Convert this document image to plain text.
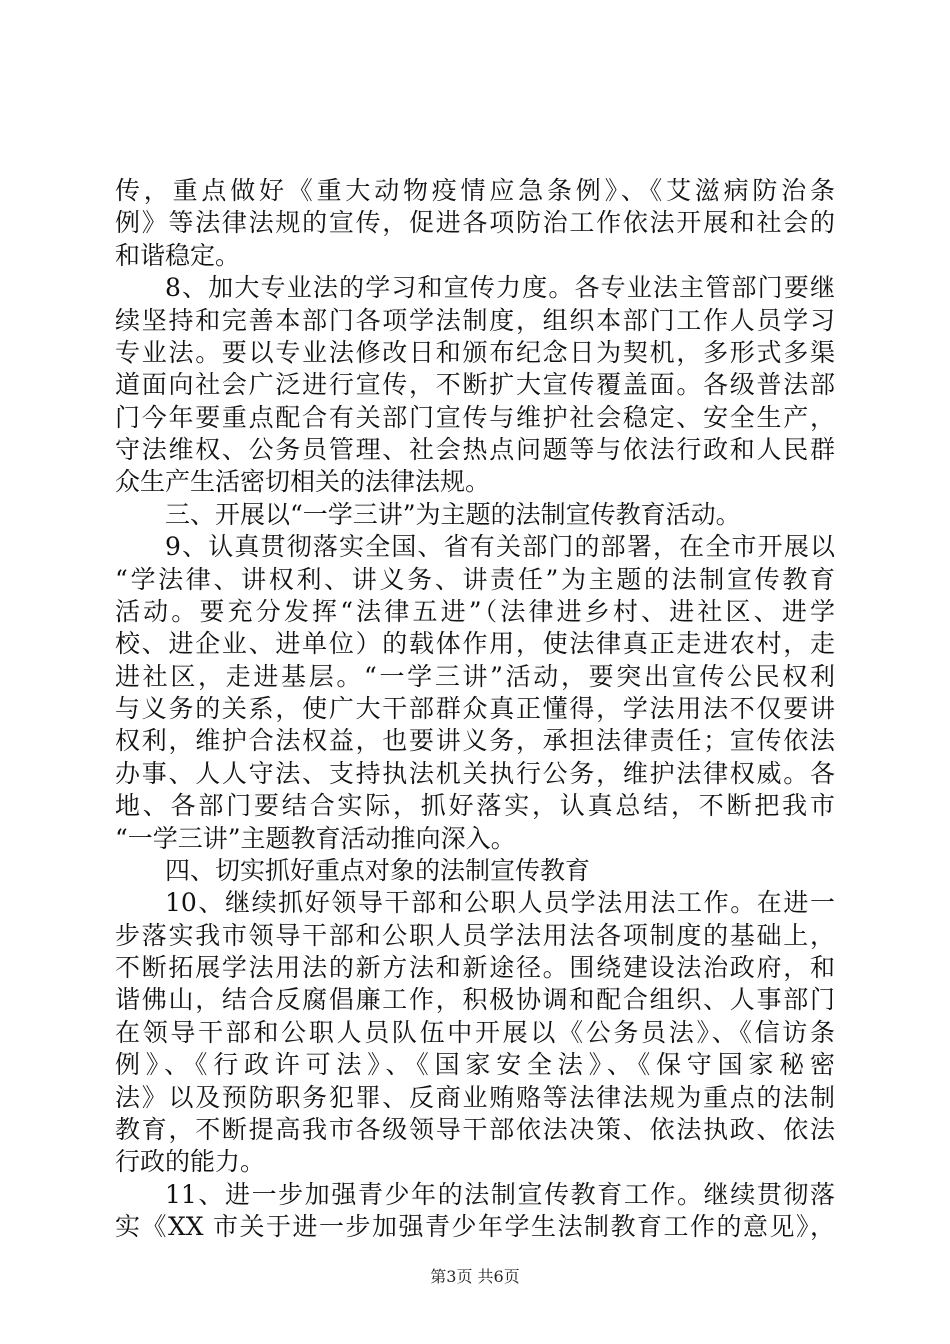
传，重点做好《重大动物疫情应急条例》、《艾滋病防治条
例》等法律法规的宣传，促进各项防治工作依法开展和社会的
和谐稳定。
8、加大专业法的学习和宣传力度。各专业法主管部门要继
续坚持和完善本部门各项学法制度，组织本部门工作人员学习
专业法。要以专业法修改日和颁布纪念日为契机，多形式多渠
道面向社会广泛进行宣传，不断扩大宣传覆盖面。各级普法部
门今年要重点配合有关部门宣传与维护社会稳定、安全生产，
守法维权、公务员管理、社会热点问题等与依法行政和人民群
众生产生活密切相关的法律法规。
三、开展以“一学三讲”为主题的法制宣传教育活动。
9、认真贯彻落实全国、省有关部门的部署，在全市开展以
“学法律、讲权利、讲义务、讲责任”为主题的法制宣传教育
活动。要充分发挥“法律五进”（法律进乡村、进社区、进学
校、进企业、进单位）的载体作用，使法律真正走进农村，走
进社区，走进基层。“一学三讲”活动，要突出宣传公民权利
与义务的关系，使广大干部群众真正懂得，学法用法不仅要讲
权利，维护合法权益，也要讲义务，承担法律责任；宣传依法
办事、人人守法、支持执法机关执行公务，维护法律权威。各
地、各部门要结合实际，抓好落实，认真总结，不断把我市
“一学三讲”主题教育活动推向深入。
四、切实抓好重点对象的法制宣传教育
10、继续抓好领导干部和公职人员学法用法工作。在进一
步落实我市领导干部和公职人员学法用法各项制度的基础上，
不断拓展学法用法的新方法和新途径。围绕建设法治政府，和
谐佛山，结合反腐倡廉工作，积极协调和配合组织、人事部门
在领导干部和公职人员队伍中开展以《公务员法》、《信访条
例》、《行政许可法》、《国家安全法》、《保守国家秘密
法》以及预防职务犯罪、反商业贿赂等法律法规为重点的法制
教育，不断提高我市各级领导干部依法决策、依法执政、依法
行政的能力。
11、进一步加强青少年的法制宣传教育工作。继续贯彻落
实《XX 市关于进一步加强青少年学生法制教育工作的意见》，
第3页 共6页
